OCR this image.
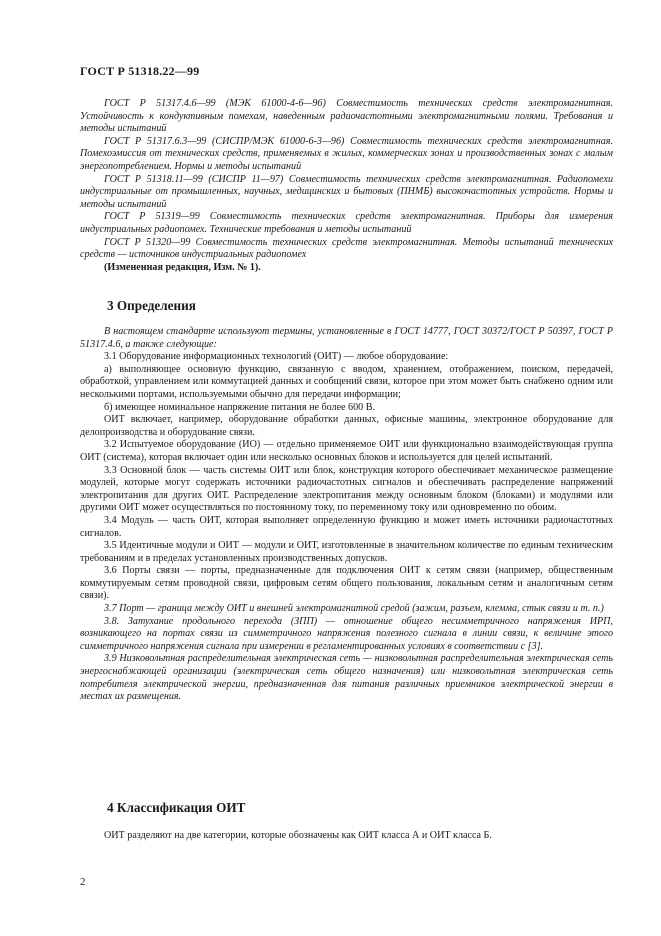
ГОСТ Р 51318.22—99

ГОСТ Р 51317.4.6—99 (МЭК 61000-4-6—96) Совместимость технических средств электромагнитная. Устойчивость к кондуктивным помехам, наведенным радиочастотными электромагнитными полями. Требования и методы испытаний

ГОСТ Р 51317.6.3—99 (СИСПР/МЭК 61000-6-3—96) Совместимость технических средств электромагнитная. Помехоэмиссия от технических средств, применяемых в жилых, коммерческих зонах и производственных зонах с малым энергопотреблением. Нормы и методы испытаний

ГОСТ Р 51318.11—99 (СИСПР 11—97) Совместимость технических средств электромагнитная. Радиопомехи индустриальные от промышленных, научных, медицинских и бытовых (ПНМБ) высокочастотных устройств. Нормы и методы испытаний

ГОСТ Р 51319—99 Совместимость технических средств электромагнитная. Приборы для измерения индустриальных радиопомех. Технические требования и методы испытаний

ГОСТ Р 51320—99 Совместимость технических средств электромагнитная. Методы испытаний технических средств — источников индустриальных радиопомех

(Измененная редакция, Изм. № 1).

3 Определения

В настоящем стандарте используют термины, установленные в ГОСТ 14777, ГОСТ 30372/ГОСТ Р 50397, ГОСТ Р 51317.4.6, а также следующие:

3.1 Оборудование информационных технологий (ОИТ) — любое оборудование:

а) выполняющее основную функцию, связанную с вводом, хранением, отображением, поиском, передачей, обработкой, управлением или коммутацией данных и сообщений связи, которое при этом может быть снабжено одним или несколькими портами, используемыми обычно для передачи информации;

б) имеющее номинальное напряжение питания не более 600 В.

ОИТ включает, например, оборудование обработки данных, офисные машины, электронное оборудование для делопроизводства и оборудование связи.

3.2 Испытуемое оборудование (ИО) — отдельно применяемое ОИТ или функционально взаимодействующая группа ОИТ (система), которая включает один или несколько основных блоков и используется для целей испытаний.

3.3 Основной блок — часть системы ОИТ или блок, конструкция которого обеспечивает механическое размещение модулей, которые могут содержать источники радиочастотных сигналов и обеспечивать распределение напряжений электропитания для других ОИТ. Распределение электропитания между основным блоком (блоками) и модулями или другими ОИТ может осуществляться по постоянному току, по переменному току или одновременно по обоим.

3.4 Модуль — часть ОИТ, которая выполняет определенную функцию и может иметь источники радиочастотных сигналов.

3.5 Идентичные модули и ОИТ — модули и ОИТ, изготовленные в значительном количестве по единым техническим требованиям и в пределах установленных производственных допусков.

3.6 Порты связи — порты, предназначенные для подключения ОИТ к сетям связи (например, общественным коммутируемым сетям проводной связи, цифровым сетям общего пользования, локальным сетям и аналогичным сетям связи).

3.7 Порт — граница между ОИТ и внешней электромагнитной средой (зажим, разъем, клемма, стык связи и т. п.)

3.8. Затухание продольного перехода (ЗПП) — отношение общего несимметричного напряжения ИРП, возникающего на портах связи из симметричного напряжения полезного сигнала в линии связи, к величине этого симметричного напряжения сигнала при измерении в регламентированных условиях в соответствии с [3].

3.9 Низковольтная распределительная электрическая сеть — низковольтная распределительная электрическая сеть энергоснабжающей организации (электрическая сеть общего назначения) или низковольтная электрическая сеть потребителя электрической энергии, предназначенная для питания различных приемников электрической энергии в местах их размещения.

4 Классификация ОИТ

ОИТ разделяют на две категории, которые обозначены как ОИТ класса А и ОИТ класса Б.

2
